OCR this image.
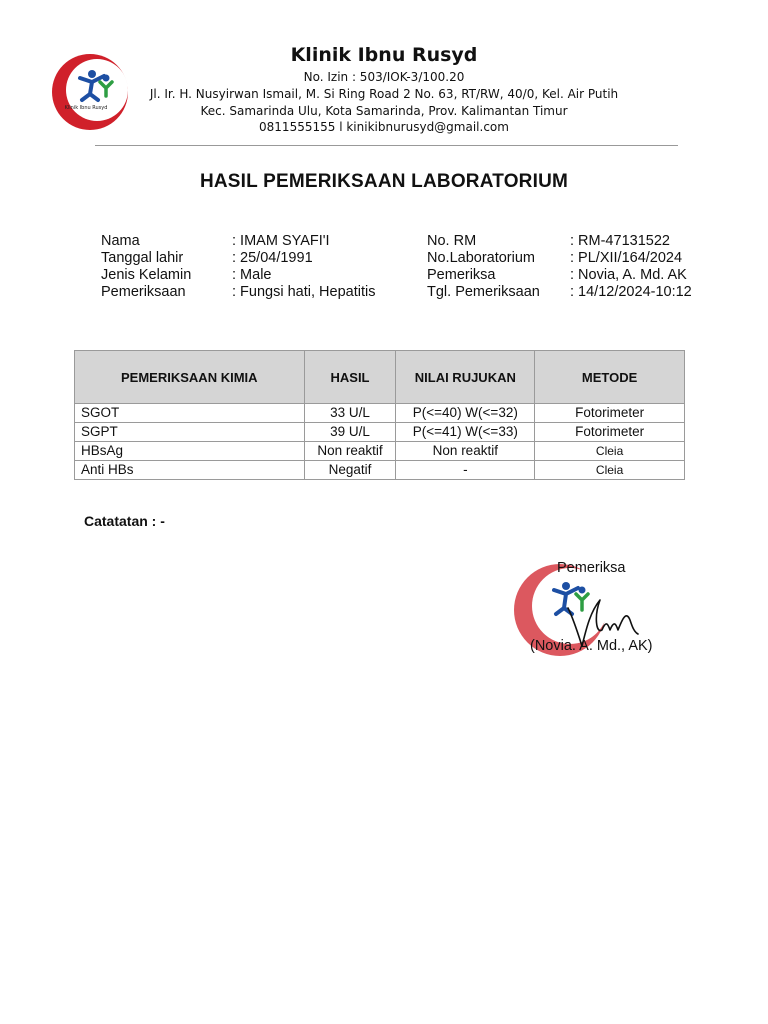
Klinik Ibnu Rusyd
Klinik Ibnu Rusyd
No. Izin : 503/IOK-3/100.20
Jl. Ir. H. Nusyirwan Ismail, M. Si Ring Road 2 No. 63, RT/RW, 40/0, Kel. Air Putih
Kec. Samarinda Ulu, Kota Samarinda, Prov. Kalimantan Timur
0811555155 l kinikibnurusyd@gmail.com
HASIL PEMERIKSAAN LABORATORIUM
Nama	: IMAM SYAFI'I
Tanggal lahir	: 25/04/1991
Jenis Kelamin	: Male
Pemeriksaan	: Fungsi hati, Hepatitis
No. RM	: RM-47131522
No.Laboratorium	: PL/XII/164/2024
Pemeriksa	: Novia, A. Md. AK
Tgl. Pemeriksaan	: 14/12/2024-10:12
PEMERIKSAAN KIMIA	HASIL	NILAI RUJUKAN	METODE
SGOT	33 U/L	P(<=40) W(<=32)	Fotorimeter
SGPT	39 U/L	P(<=41) W(<=33)	Fotorimeter
HBsAg	Non reaktif	Non reaktif	Cleia
Anti HBs	Negatif	-	Cleia
Catatatan : -
Pemeriksa
(Novia. A. Md., AK)
